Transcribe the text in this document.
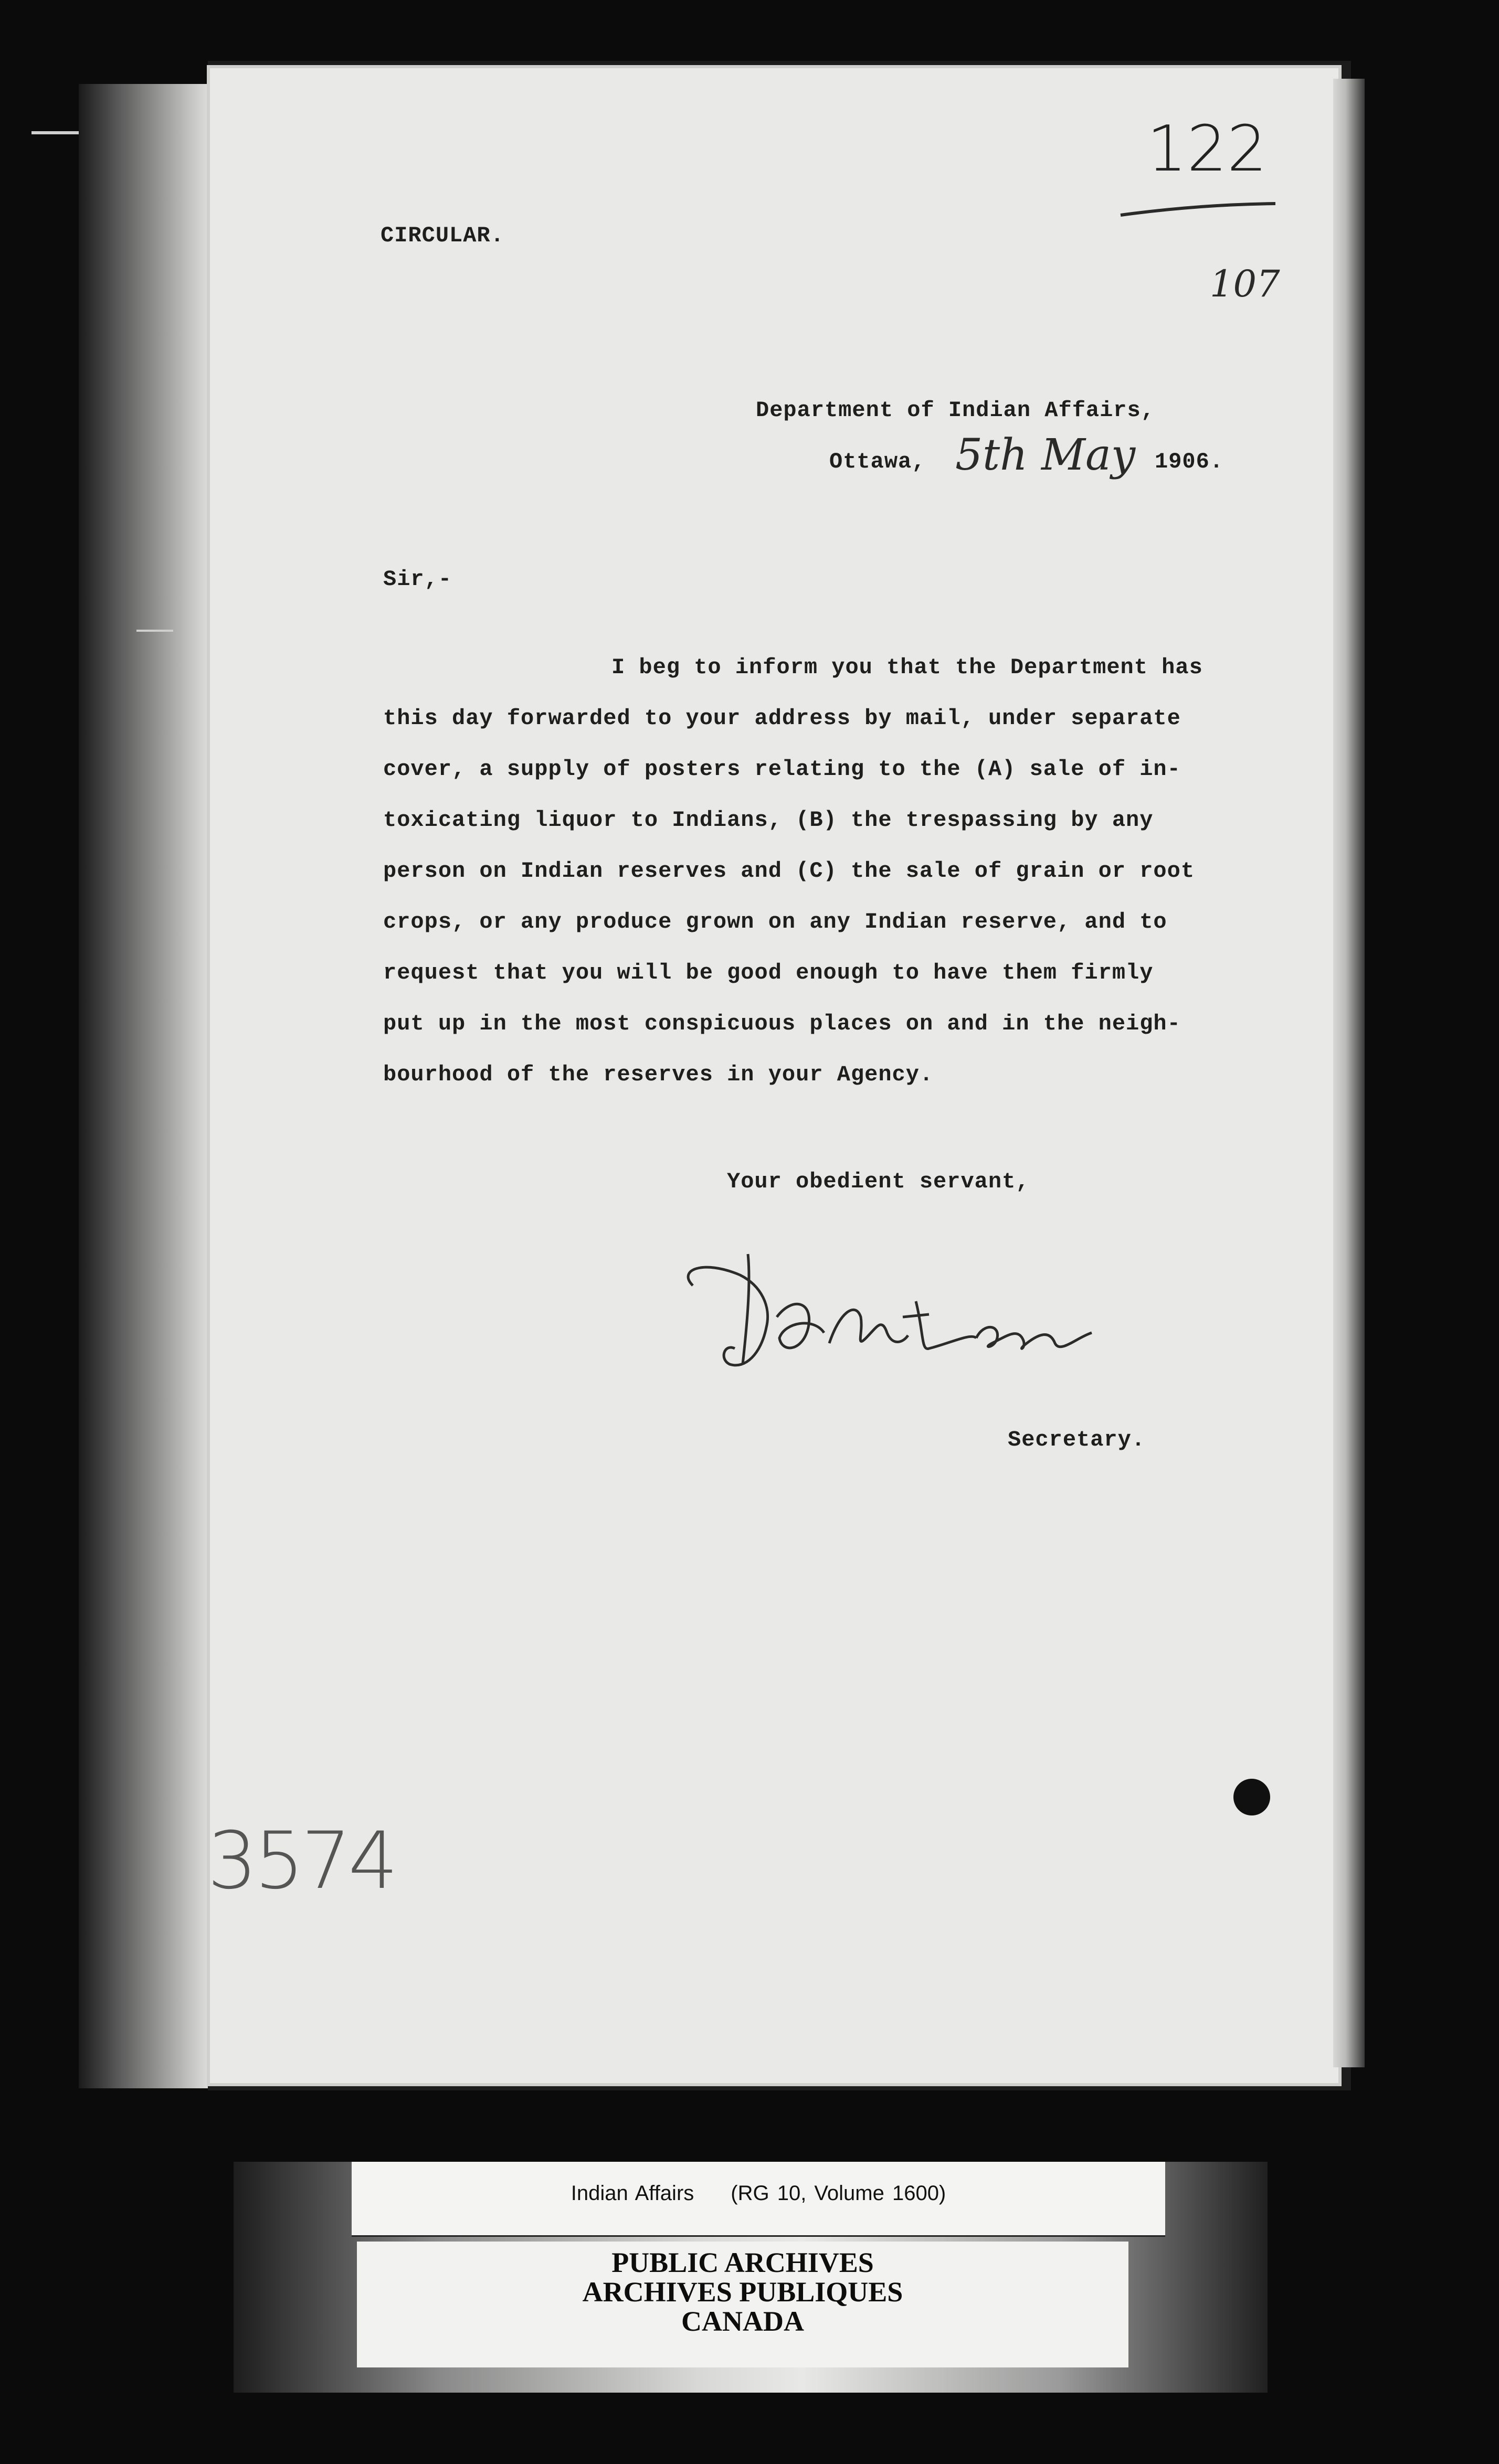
CIRCULAR.
122
107
Department of Indian Affairs,
Ottawa, 5th May 1906.
Sir,-
I beg to inform you that the Department has
this day forwarded to your address by mail, under separate
cover, a supply of posters relating to the (A) sale of in-
toxicating liquor to Indians, (B) the trespassing by any
person on Indian reserves and (C) the sale of grain or root
crops, or any produce grown on any Indian reserve, and to
request that you will be good enough to have them firmly
put up in the most conspicuous places on and in the neigh-
bourhood of the reserves in your Agency.
Your obedient servant,
Secretary.
3574
Indian Affairs (RG 10, Volume 1600)
PUBLIC ARCHIVES
ARCHIVES PUBLIQUES
CANADA
